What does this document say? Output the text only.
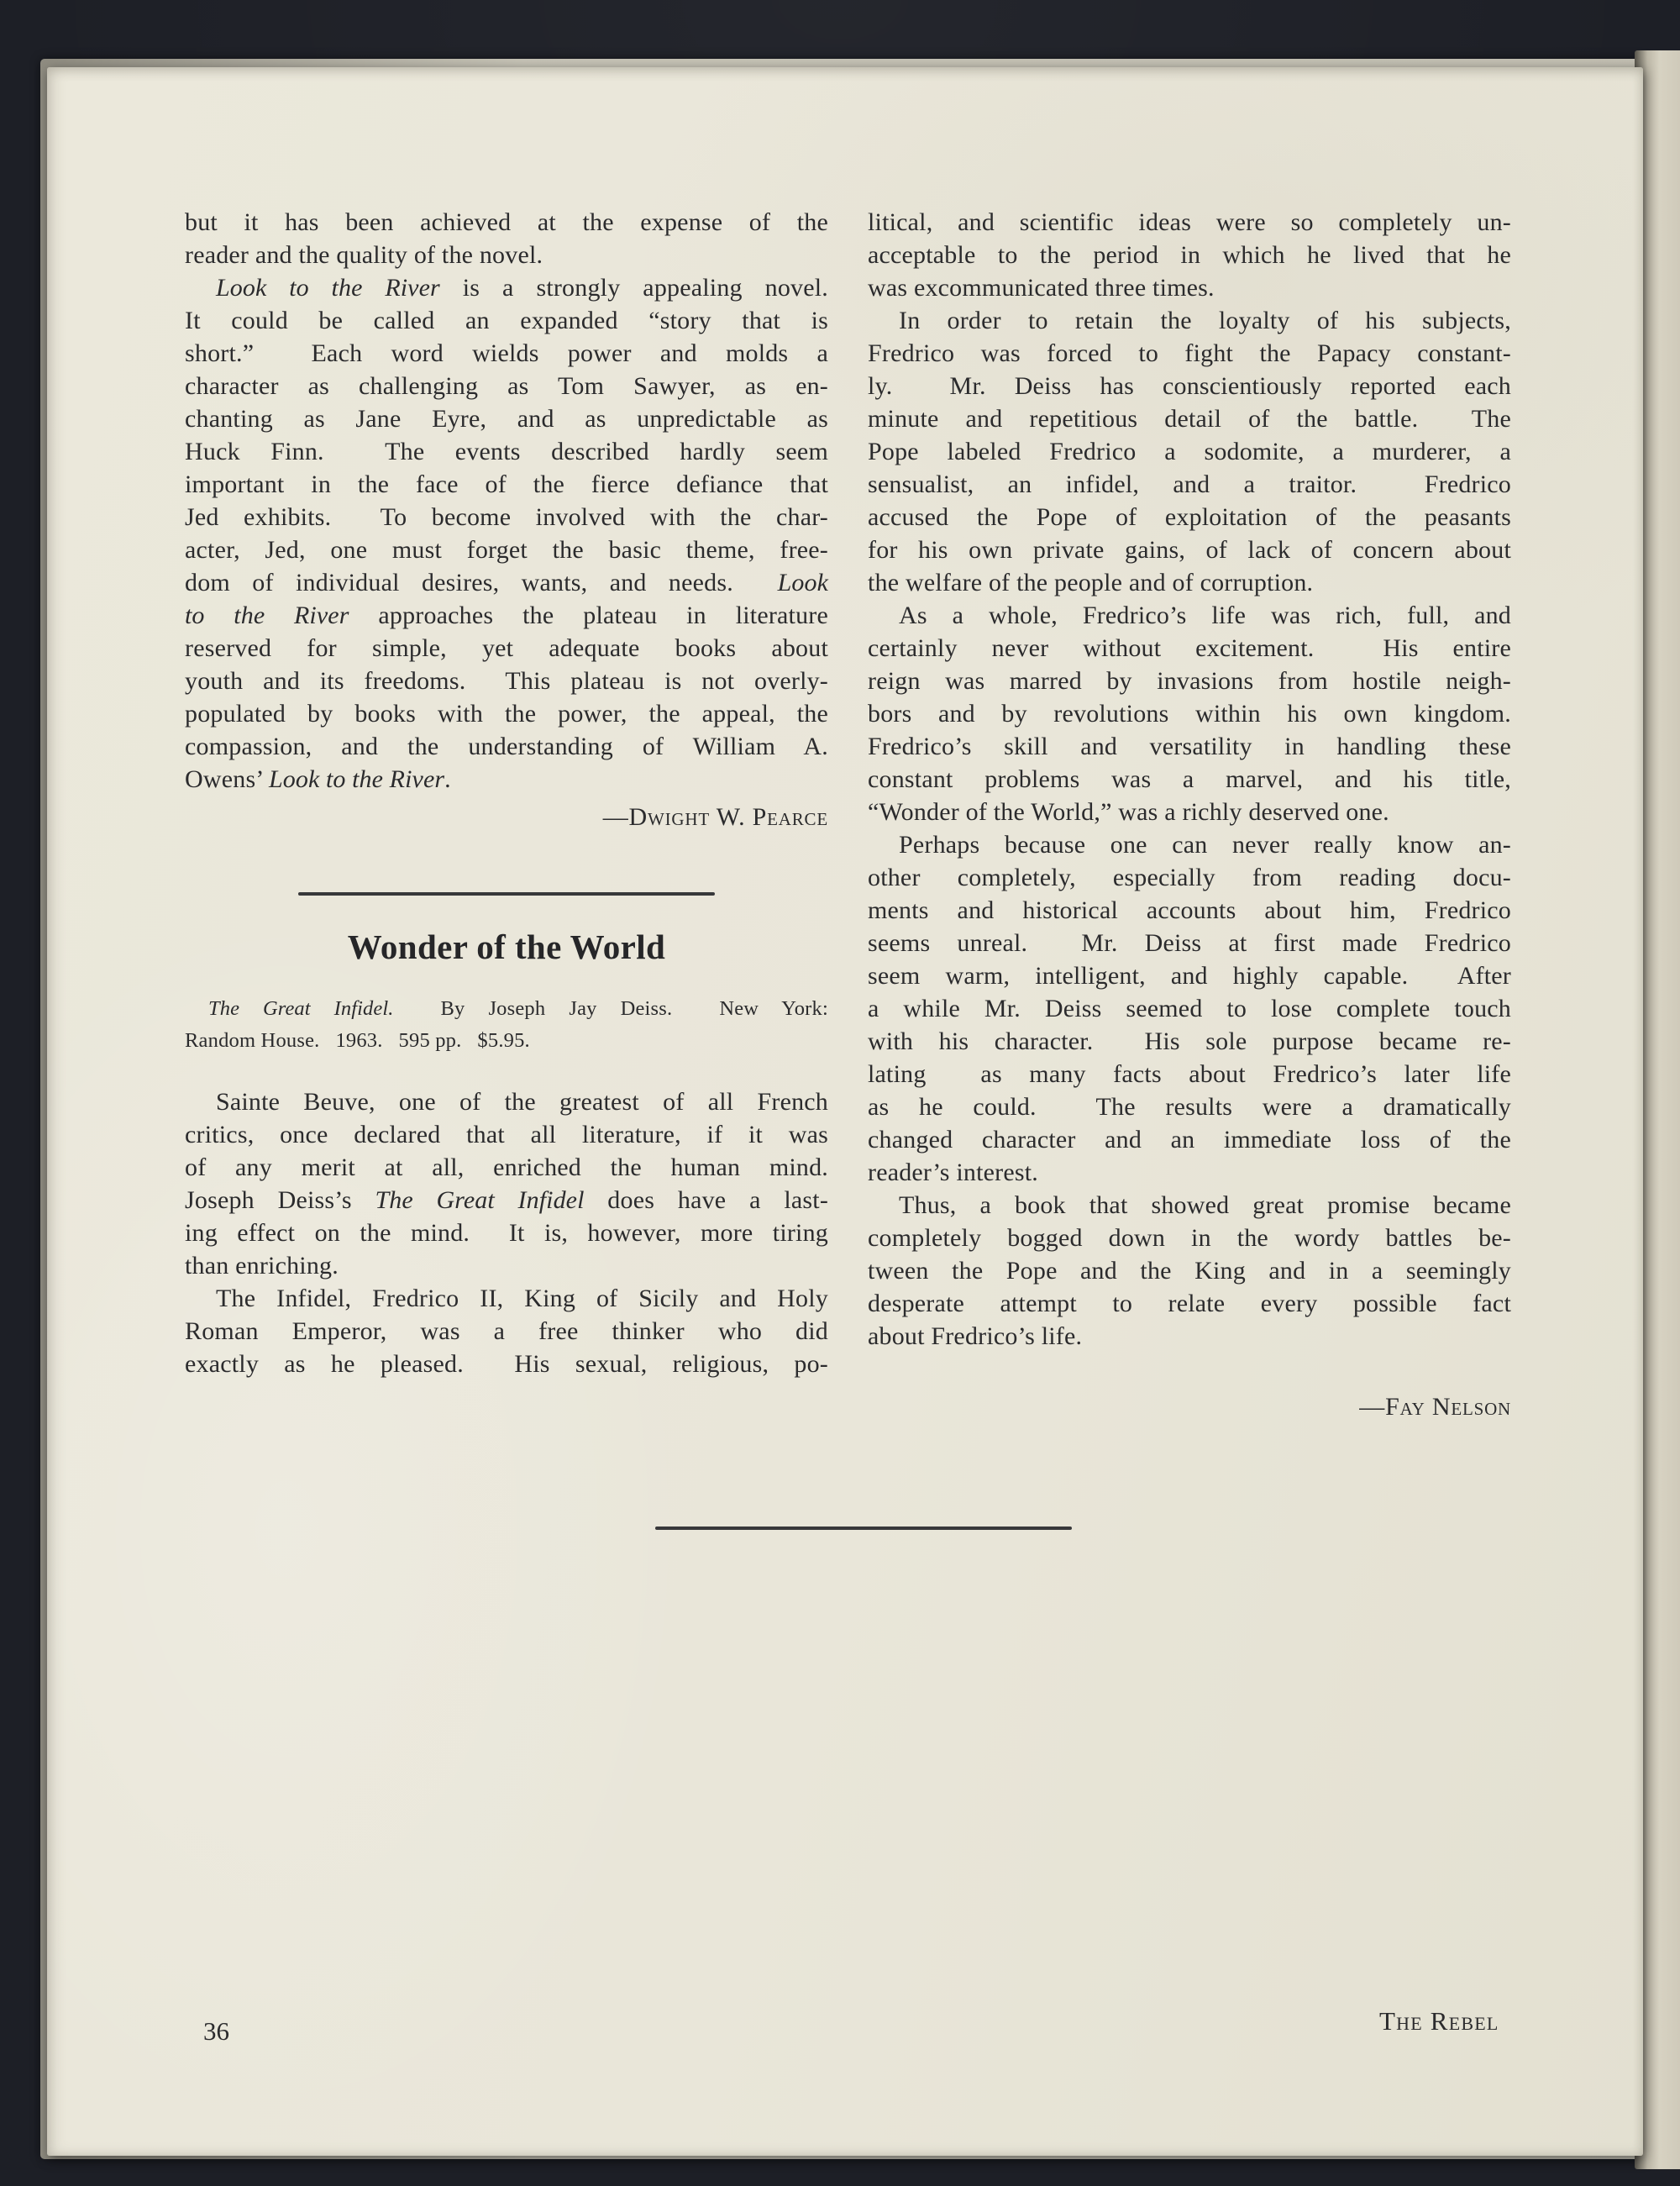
but it has been achieved at the expense of the
reader and the quality of the novel.
Look to the River is a strongly appealing novel.
It could be called an expanded “story that is
short.”  Each word wields power and molds a
character as challenging as Tom Sawyer, as en-
chanting as Jane Eyre, and as unpredictable as
Huck Finn.  The events described hardly seem
important in the face of the fierce defiance that
Jed exhibits.  To become involved with the char-
acter, Jed, one must forget the basic theme, free-
dom of individual desires, wants, and needs.  Look
to the River approaches the plateau in literature
reserved for simple, yet adequate books about
youth and its freedoms.  This plateau is not overly-
populated by books with the power, the appeal, the
compassion, and the understanding of William A.
Owens’ Look to the River.
—Dwight W. Pearce
Wonder of the World
The Great Infidel.  By Joseph Jay Deiss.  New York:
Random House.   1963.   595 pp.   $5.95.
Sainte Beuve, one of the greatest of all French
critics, once declared that all literature, if it was
of any merit at all, enriched the human mind.
Joseph Deiss’s The Great Infidel does have a last-
ing effect on the mind.  It is, however, more tiring
than enriching.
The Infidel, Fredrico II, King of Sicily and Holy
Roman Emperor, was a free thinker who did
exactly as he pleased.  His sexual, religious, po-
litical, and scientific ideas were so completely un-
acceptable to the period in which he lived that he
was excommunicated three times.
In order to retain the loyalty of his subjects,
Fredrico was forced to fight the Papacy constant-
ly.  Mr. Deiss has conscientiously reported each
minute and repetitious detail of the battle.  The
Pope labeled Fredrico a sodomite, a murderer, a
sensualist, an infidel, and a traitor.  Fredrico
accused the Pope of exploitation of the peasants
for his own private gains, of lack of concern about
the welfare of the people and of corruption.
As a whole, Fredrico’s life was rich, full, and
certainly never without excitement.  His entire
reign was marred by invasions from hostile neigh-
bors and by revolutions within his own kingdom.
Fredrico’s skill and versatility in handling these
constant problems was a marvel, and his title,
“Wonder of the World,” was a richly deserved one.
Perhaps because one can never really know an-
other completely, especially from reading docu-
ments and historical accounts about him, Fredrico
seems unreal.  Mr. Deiss at first made Fredrico
seem warm, intelligent, and highly capable.  After
a while Mr. Deiss seemed to lose complete touch
with his character.  His sole purpose became re-
lating  as many facts about Fredrico’s later life
as he could.  The results were a dramatically
changed character and an immediate loss of the
reader’s interest.
Thus, a book that showed great promise became
completely bogged down in the wordy battles be-
tween the Pope and the King and in a seemingly
desperate attempt to relate every possible fact
about Fredrico’s life.
—Fay Nelson
36	The Rebel
